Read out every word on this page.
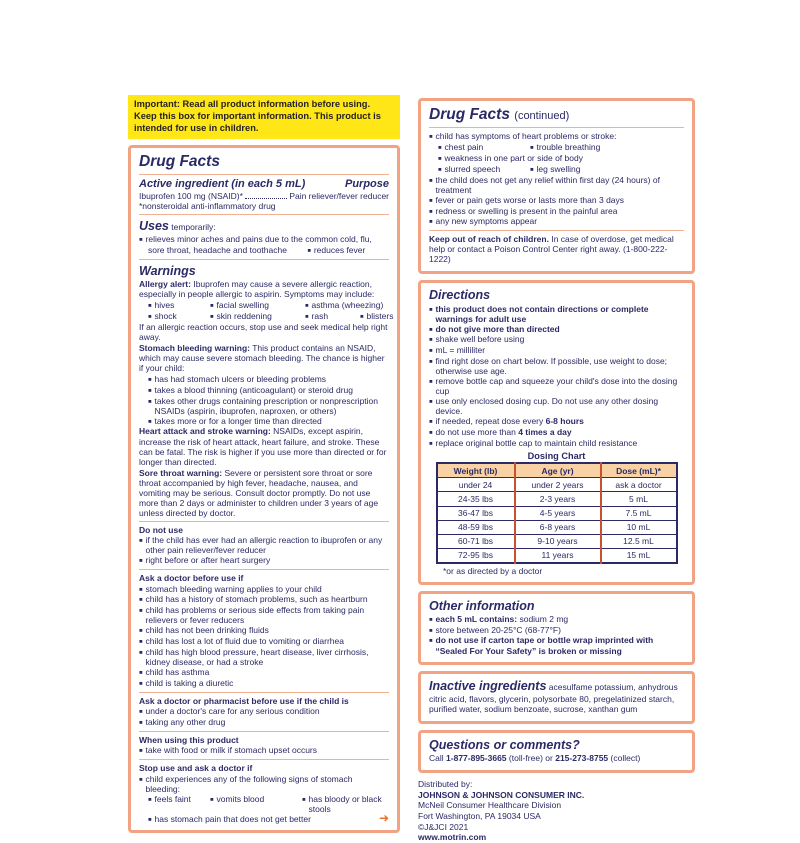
Important: Read all product information before using. Keep this box for important information. This product is intended for use in children.
Drug Facts
Active ingredient (in each 5 mL)	Purpose
Ibuprofen 100 mg (NSAID)*	Pain reliever/fever reducer

*nonsteroidal anti-inflammatory drug

Uses temporarily:
■ relieves minor aches and pains due to the common cold, flu, sore throat, headache and toothache ■	reduces fever
Warnings

Allergy alert: Ibuprofen may cause a severe allergic reaction, especially in people allergic to aspirin. Symptoms may include:

■
hives ■	facial swelling ■	asthma (wheezing)
■
shock ■	skin reddening ■	rash ■	blisters

If an allergic reaction occurs, stop use and seek medical help right away.

Stomach bleeding warning: This product contains an NSAID, which may cause severe stomach bleeding. The chance is higher if your child:

■
has had stomach ulcers or bleeding problems
■
takes a blood thinning (anticoagulant) or steroid drug
■
takes other drugs containing prescription or nonprescription NSAIDs (aspirin, ibuprofen, naproxen, or others)
■
takes more or for a longer time than directed

Heart attack and stroke warning: NSAIDs, except aspirin, increase the risk of heart attack, heart failure, and stroke. These can be fatal. The risk is higher if you use more than directed or for longer than directed.

Sore throat warning: Severe or persistent sore throat or sore throat accompanied by high fever, headache, nausea, and vomiting may be serious. Consult doctor promptly. Do not use more than 2 days or administer to children under 3 years of age unless directed by doctor.

Do not use
■
if the child has ever had an allergic reaction to ibuprofen or any other pain reliever/fever reducer
■
right before or after heart surgery
Ask a doctor before use if
■
stomach bleeding warning applies to your child
■
child has a history of stomach problems, such as heartburn
■
child has problems or serious side effects from taking pain relievers or fever reducers
■
child has not been drinking fluids
■
child has lost a lot of fluid due to vomiting or diarrhea
■
child has high blood pressure, heart disease, liver cirrhosis, kidney disease, or had a stroke
■
child has asthma
■
child is taking a diuretic
Ask a doctor or pharmacist before use if the child is
■
under a doctor's care for any serious condition
■
taking any other drug
When using this product
■
take with food or milk if stomach upset occurs
Stop use and ask a doctor if
■
child experiences any of the following signs of stomach bleeding:
■
feels faint ■	vomits blood ■	has bloody or black stools
■
has stomach pain that does not get better	➜
Drug Facts (continued)
■
child has symptoms of heart problems or stroke:
■
chest pain ■	trouble breathing
■
weakness in one part or side of body
■
slurred speech ■	leg swelling
■
the child does not get any relief within first day (24 hours) of treatment
■
fever or pain gets worse or lasts more than 3 days
■
redness or swelling is present in the painful area
■
any new symptoms appear

Keep out of reach of children. In case of overdose, get medical help or contact a Poison Control Center right away. (1-800-222-1222)

Directions
■
this product does not contain directions or complete warnings for adult use
■
do not give more than directed
■
shake well before using
■
mL = milliliter
■
find right dose on chart below. If possible, use weight to dose; otherwise use age.
■
remove bottle cap and squeeze your child's dose into the dosing cup
■
use only enclosed dosing cup. Do not use any other dosing device.
■
if needed, repeat dose every 6-8 hours
■
do not use more than 4 times a day
■
replace original bottle cap to maintain child resistance
Dosing Chart
Weight (lb)	Age (yr)	Dose (mL)*
under 24	under 2 years	ask a doctor
24-35 lbs	2-3 years	5 mL
36-47 lbs	4-5 years	7.5 mL
48-59 lbs	6-8 years	10 mL
60-71 lbs	9-10 years	12.5 mL
72-95 lbs	11 years	15 mL
*or as directed by a doctor
Other information
■
each 5 mL contains: sodium 2 mg
■
store between 20-25°C (68-77°F)
■
do not use if carton tape or bottle wrap imprinted with “Sealed For Your Safety” is broken or missing

Inactive ingredients acesulfame potassium, anhydrous citric acid, flavors, glycerin, polysorbate 80, pregelatinized starch, purified water, sodium benzoate, sucrose, xanthan gum

Questions or comments?

Call 1-877-895-3665 (toll-free) or 215-273-8755 (collect)

Distributed by:
JOHNSON & JOHNSON CONSUMER INC.
McNeil Consumer Healthcare Division
Fort Washington, PA 19034 USA
©J&JCI 2021
www.motrin.com
